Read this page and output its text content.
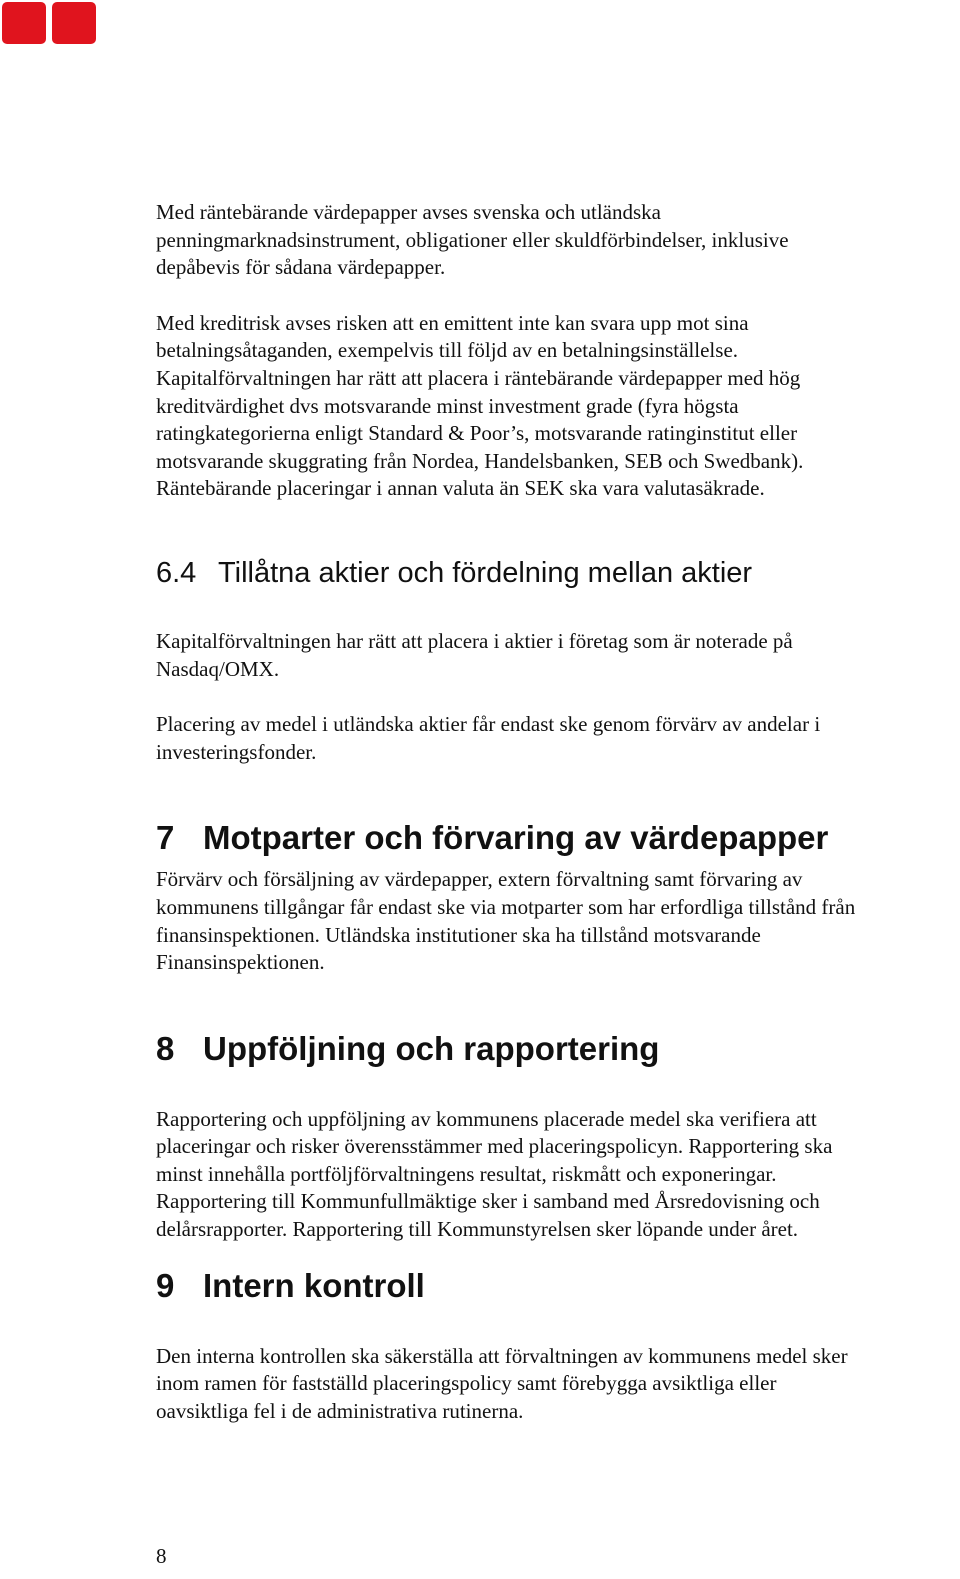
Med räntebärande värdepapper avses svenska och utländska
penningmarknadsinstrument, obligationer eller skuldförbindelser, inklusive
depåbevis för sådana värdepapper.

Med kreditrisk avses risken att en emittent inte kan svara upp mot sina
betalningsåtaganden, exempelvis till följd av en betalningsinställelse.
Kapitalförvaltningen har rätt att placera i räntebärande värdepapper med hög
kreditvärdighet dvs motsvarande minst investment grade (fyra högsta
ratingkategorierna enligt Standard & Poor’s, motsvarande ratinginstitut eller
motsvarande skuggrating från Nordea, Handelsbanken, SEB och Swedbank).
Räntebärande placeringar i annan valuta än SEK ska vara valutasäkrade.

6.4 Tillåtna aktier och fördelning mellan aktier

Kapitalförvaltningen har rätt att placera i aktier i företag som är noterade på
Nasdaq/OMX.

Placering av medel i utländska aktier får endast ske genom förvärv av andelar i
investeringsfonder.

7 Motparter och förvaring av värdepapper

Förvärv och försäljning av värdepapper, extern förvaltning samt förvaring av
kommunens tillgångar får endast ske via motparter som har erfordliga tillstånd från
finansinspektionen. Utländska institutioner ska ha tillstånd motsvarande
Finansinspektionen.

8 Uppföljning och rapportering

Rapportering och uppföljning av kommunens placerade medel ska verifiera att
placeringar och risker överensstämmer med placeringspolicyn. Rapportering ska
minst innehålla portföljförvaltningens resultat, riskmått och exponeringar.
Rapportering till Kommunfullmäktige sker i samband med Årsredovisning och
delårsrapporter. Rapportering till Kommunstyrelsen sker löpande under året.

9 Intern kontroll

Den interna kontrollen ska säkerställa att förvaltningen av kommunens medel sker
inom ramen för fastställd placeringspolicy samt förebygga avsiktliga eller
oavsiktliga fel i de administrativa rutinerna.

8
